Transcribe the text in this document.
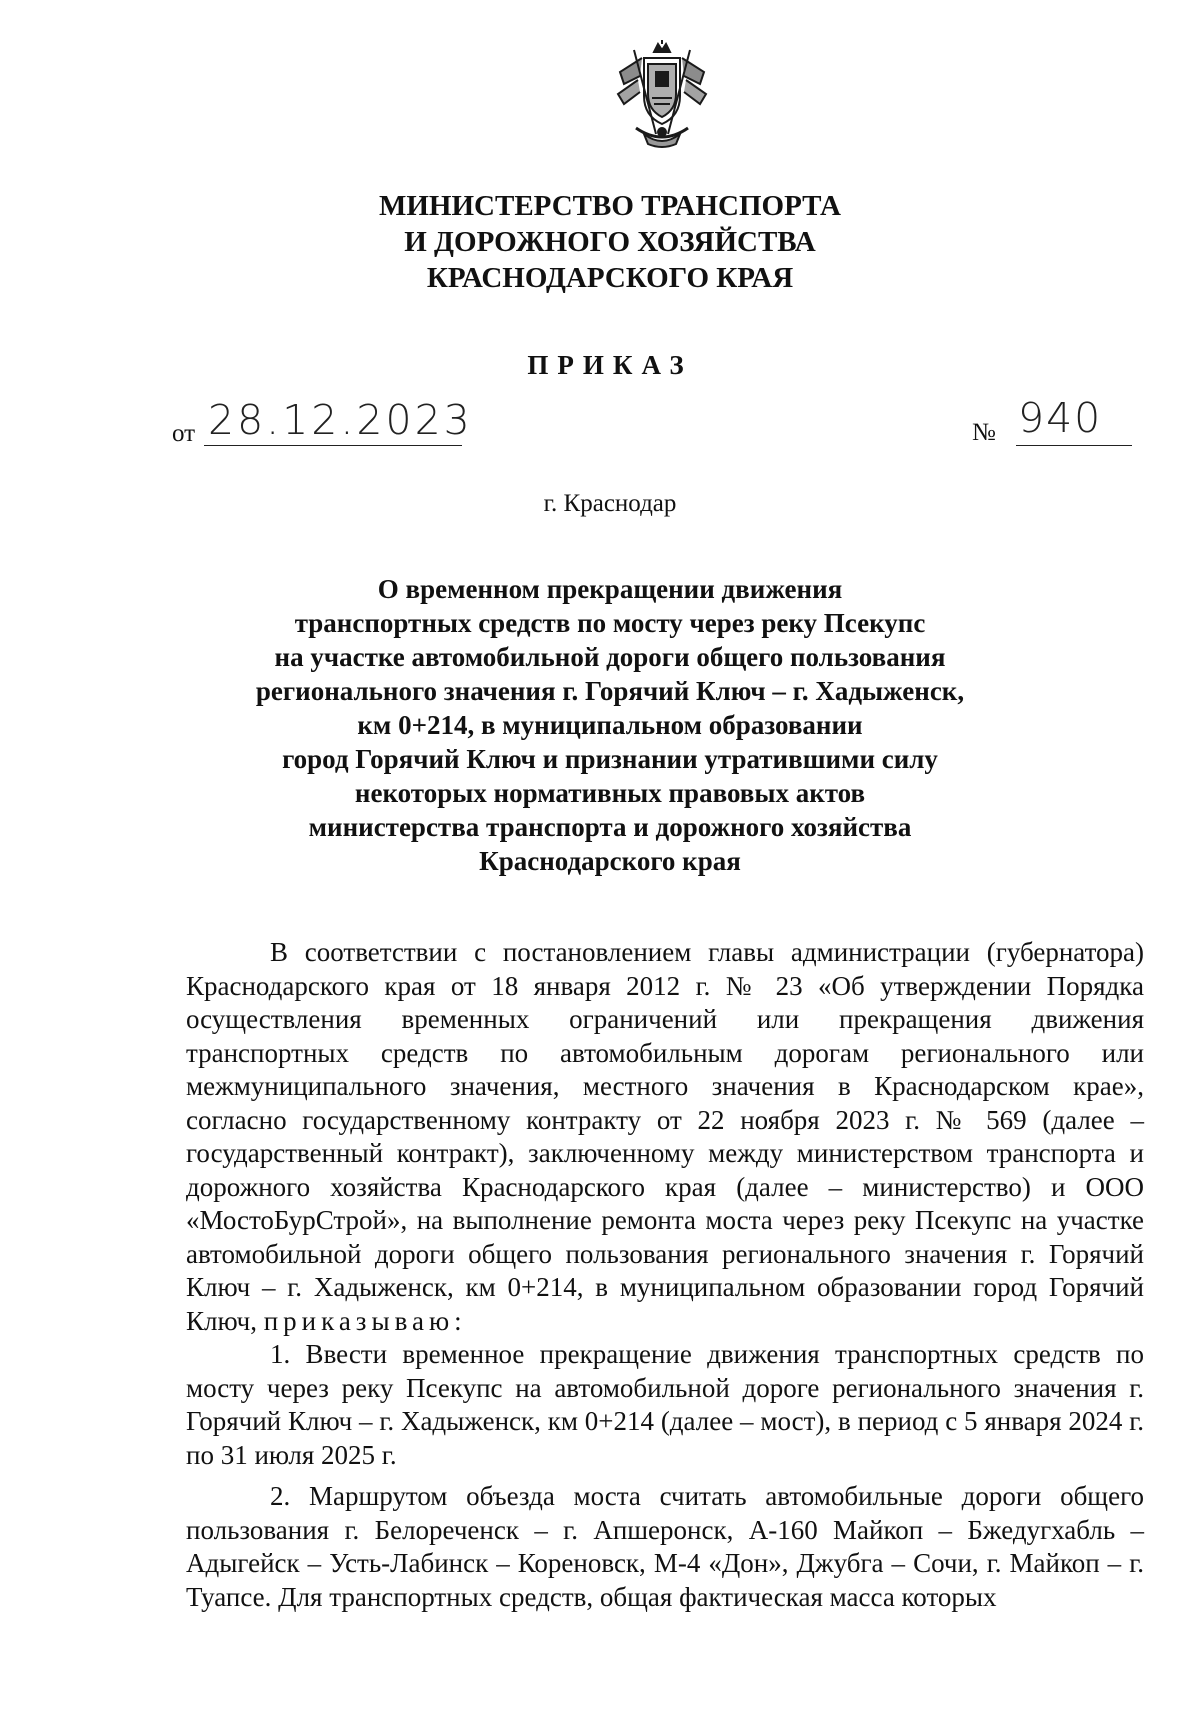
МИНИСТЕРСТВО ТРАНСПОРТА
И ДОРОЖНОГО ХОЗЯЙСТВА
КРАСНОДАРСКОГО КРАЯ
ПРИКАЗ
от 28.12.2023	№ 940
г. Краснодар
О временном прекращении движения
транспортных средств по мосту через реку Псекупс
на участке автомобильной дороги общего пользования
регионального значения г. Горячий Ключ – г. Хадыженск,
км 0+214, в муниципальном образовании
город Горячий Ключ и признании утратившими силу
некоторых нормативных правовых актов
министерства транспорта и дорожного хозяйства
Краснодарского края

В соответствии с постановлением главы администрации (губернатора) Краснодарского края от 18 января 2012 г. № 23 «Об утверждении Порядка осуществления временных ограничений или прекращения движения транспортных средств по автомобильным дорогам регионального или межмуниципального значения, местного значения в Краснодарском крае», согласно государственному контракту от 22 ноября 2023 г. № 569 (далее – государственный контракт), заключенному между министерством транспорта и дорожного хозяйства Краснодарского края (далее – министерство) и ООО «МостоБурСтрой», на выполнение ремонта моста через реку Псекупс на участке автомобильной дороги общего пользования регионального значения г. Горячий Ключ – г. Хадыженск, км 0+214, в муниципальном образовании город Горячий Ключ, приказываю:

1. Ввести временное прекращение движения транспортных средств по мосту через реку Псекупс на автомобильной дороге регионального значения г. Горячий Ключ – г. Хадыженск, км 0+214 (далее – мост), в период с 5 января 2024 г. по 31 июля 2025 г.

2. Маршрутом объезда моста считать автомобильные дороги общего пользования г. Белореченск – г. Апшеронск, А-160 Майкоп – Бжедугхабль – Адыгейск – Усть-Лабинск – Кореновск, М-4 «Дон», Джубга – Сочи, г. Майкоп – г. Туапсе. Для транспортных средств, общая фактическая масса которых
